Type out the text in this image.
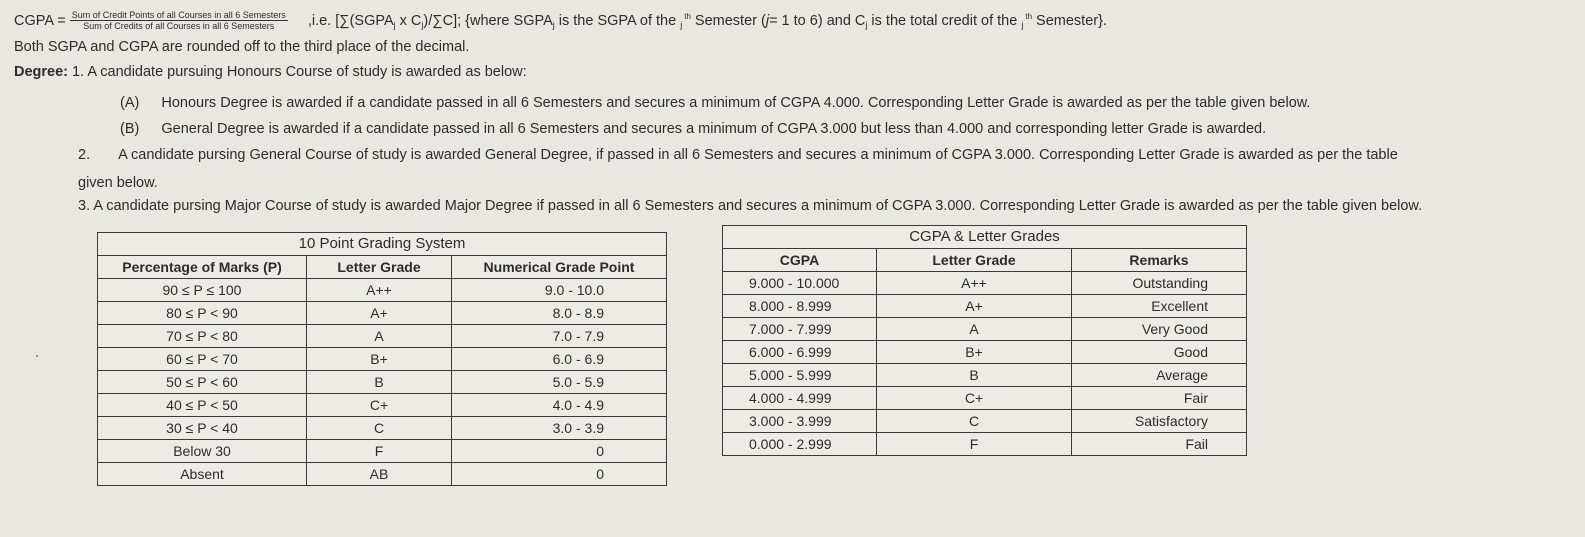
CGPA = $\frac{\text{Sum of Credit Points of all Courses in all 6 Semesters}}{\text{Sum of Credits of all Courses in all 6 Semesters}} ,i.e$. [$\sum(SGPA_j$ x $C_j)/\sum C$]; {where $SGPA_j$ is the SGPA of the $_j^{th}$ Semester (j= 1 to 6) and $C_j$ is the total credit of the $_j^{th}$ Semester}.
Both SGPA and CGPA are rounded off to the third place of the decimal.
Degree: 1. A candidate pursuing Honours Course of study is awarded as below:
(A) Honours Degree is awarded if a candidate passed in all 6 Semesters and secures a minimum of CGPA 4.000. Corresponding Letter Grade is awarded as per the table given below.
(B) General Degree is awarded if a candidate passed in all 6 Semesters and secures a minimum of CGPA 3.000 but less than 4.000 and corresponding letter Grade is awarded.
2. A candidate pursing General Course of study is awarded General Degree, if passed in all 6 Semesters and secures a minimum of CGPA 3.000. Corresponding Letter Grade is awarded as per the table
given below.
3. A candidate pursing Major Course of study is awarded Major Degree if passed in all 6 Semesters and secures a minimum of CGPA 3.000. Corresponding Letter Grade is awarded as per the table given below.
10 Point Grading System		
Percentage of Marks (P)	Letter Grade	Numerical Grade Point
90 ≤ P ≤ 100	A++	9.0 - 10.0
80 ≤ P < 90	A+	8.0 - 8.9
70 ≤ P < 80	A	7.0 - 7.9
60 ≤ P < 70	B+	6.0 - 6.9
50 ≤ P < 60	B	5.0 - 5.9
40 ≤ P < 50	C+	4.0 - 4.9
30 ≤ P < 40	C	3.0 - 3.9
Below 30	F	0
Absent	AB	0
CGPA & Letter Grades		
CGPA	Letter Grade	Remarks
9.000 - 10.000	A++	Outstanding
8.000 - 8.999	A+	Excellent
7.000 - 7.999	A	Very Good
6.000 - 6.999	B+	Good
5.000 - 5.999	B	Average
4.000 - 4.999	C+	Fair
3.000 - 3.999	C	Satisfactory
0.000 - 2.999	F	Fail
